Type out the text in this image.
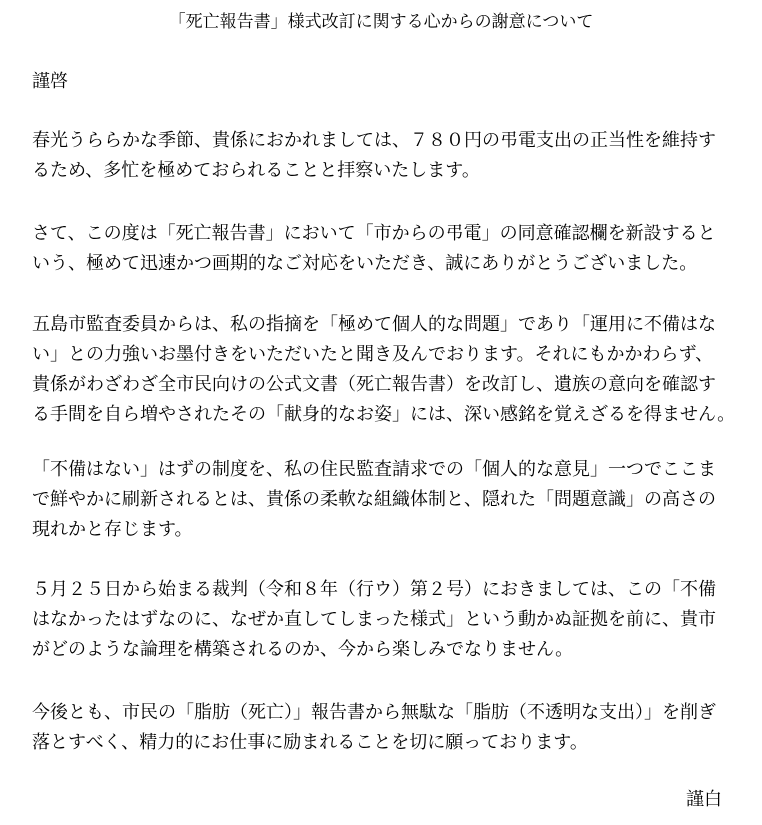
「死亡報告書」様式改訂に関する心からの謝意について
謹啓
春光うららかな季節、貴係におかれましては、７８０円の弔電支出の正当性を維持す
るため、多忙を極めておられることと拝察いたします。
さて、この度は「死亡報告書」において「市からの弔電」の同意確認欄を新設すると
いう、極めて迅速かつ画期的なご対応をいただき、誠にありがとうございました。
五島市監査委員からは、私の指摘を「極めて個人的な問題」であり「運用に不備はな
い」との力強いお墨付きをいただいたと聞き及んでおります。それにもかかわらず、
貴係がわざわざ全市民向けの公式文書（死亡報告書）を改訂し、遺族の意向を確認す
る手間を自ら増やされたその「献身的なお姿」には、深い感銘を覚えざるを得ません。
「不備はない」はずの制度を、私の住民監査請求での「個人的な意見」一つでここま
で鮮やかに刷新されるとは、貴係の柔軟な組織体制と、隠れた「問題意識」の高さの
現れかと存じます。
５月２５日から始まる裁判（令和８年（行ウ）第２号）におきましては、この「不備
はなかったはずなのに、なぜか直してしまった様式」という動かぬ証拠を前に、貴市
がどのような論理を構築されるのか、今から楽しみでなりません。
今後とも、市民の「脂肪（死亡）」報告書から無駄な「脂肪（不透明な支出）」を削ぎ
落とすべく、精力的にお仕事に励まれることを切に願っております。
謹白
